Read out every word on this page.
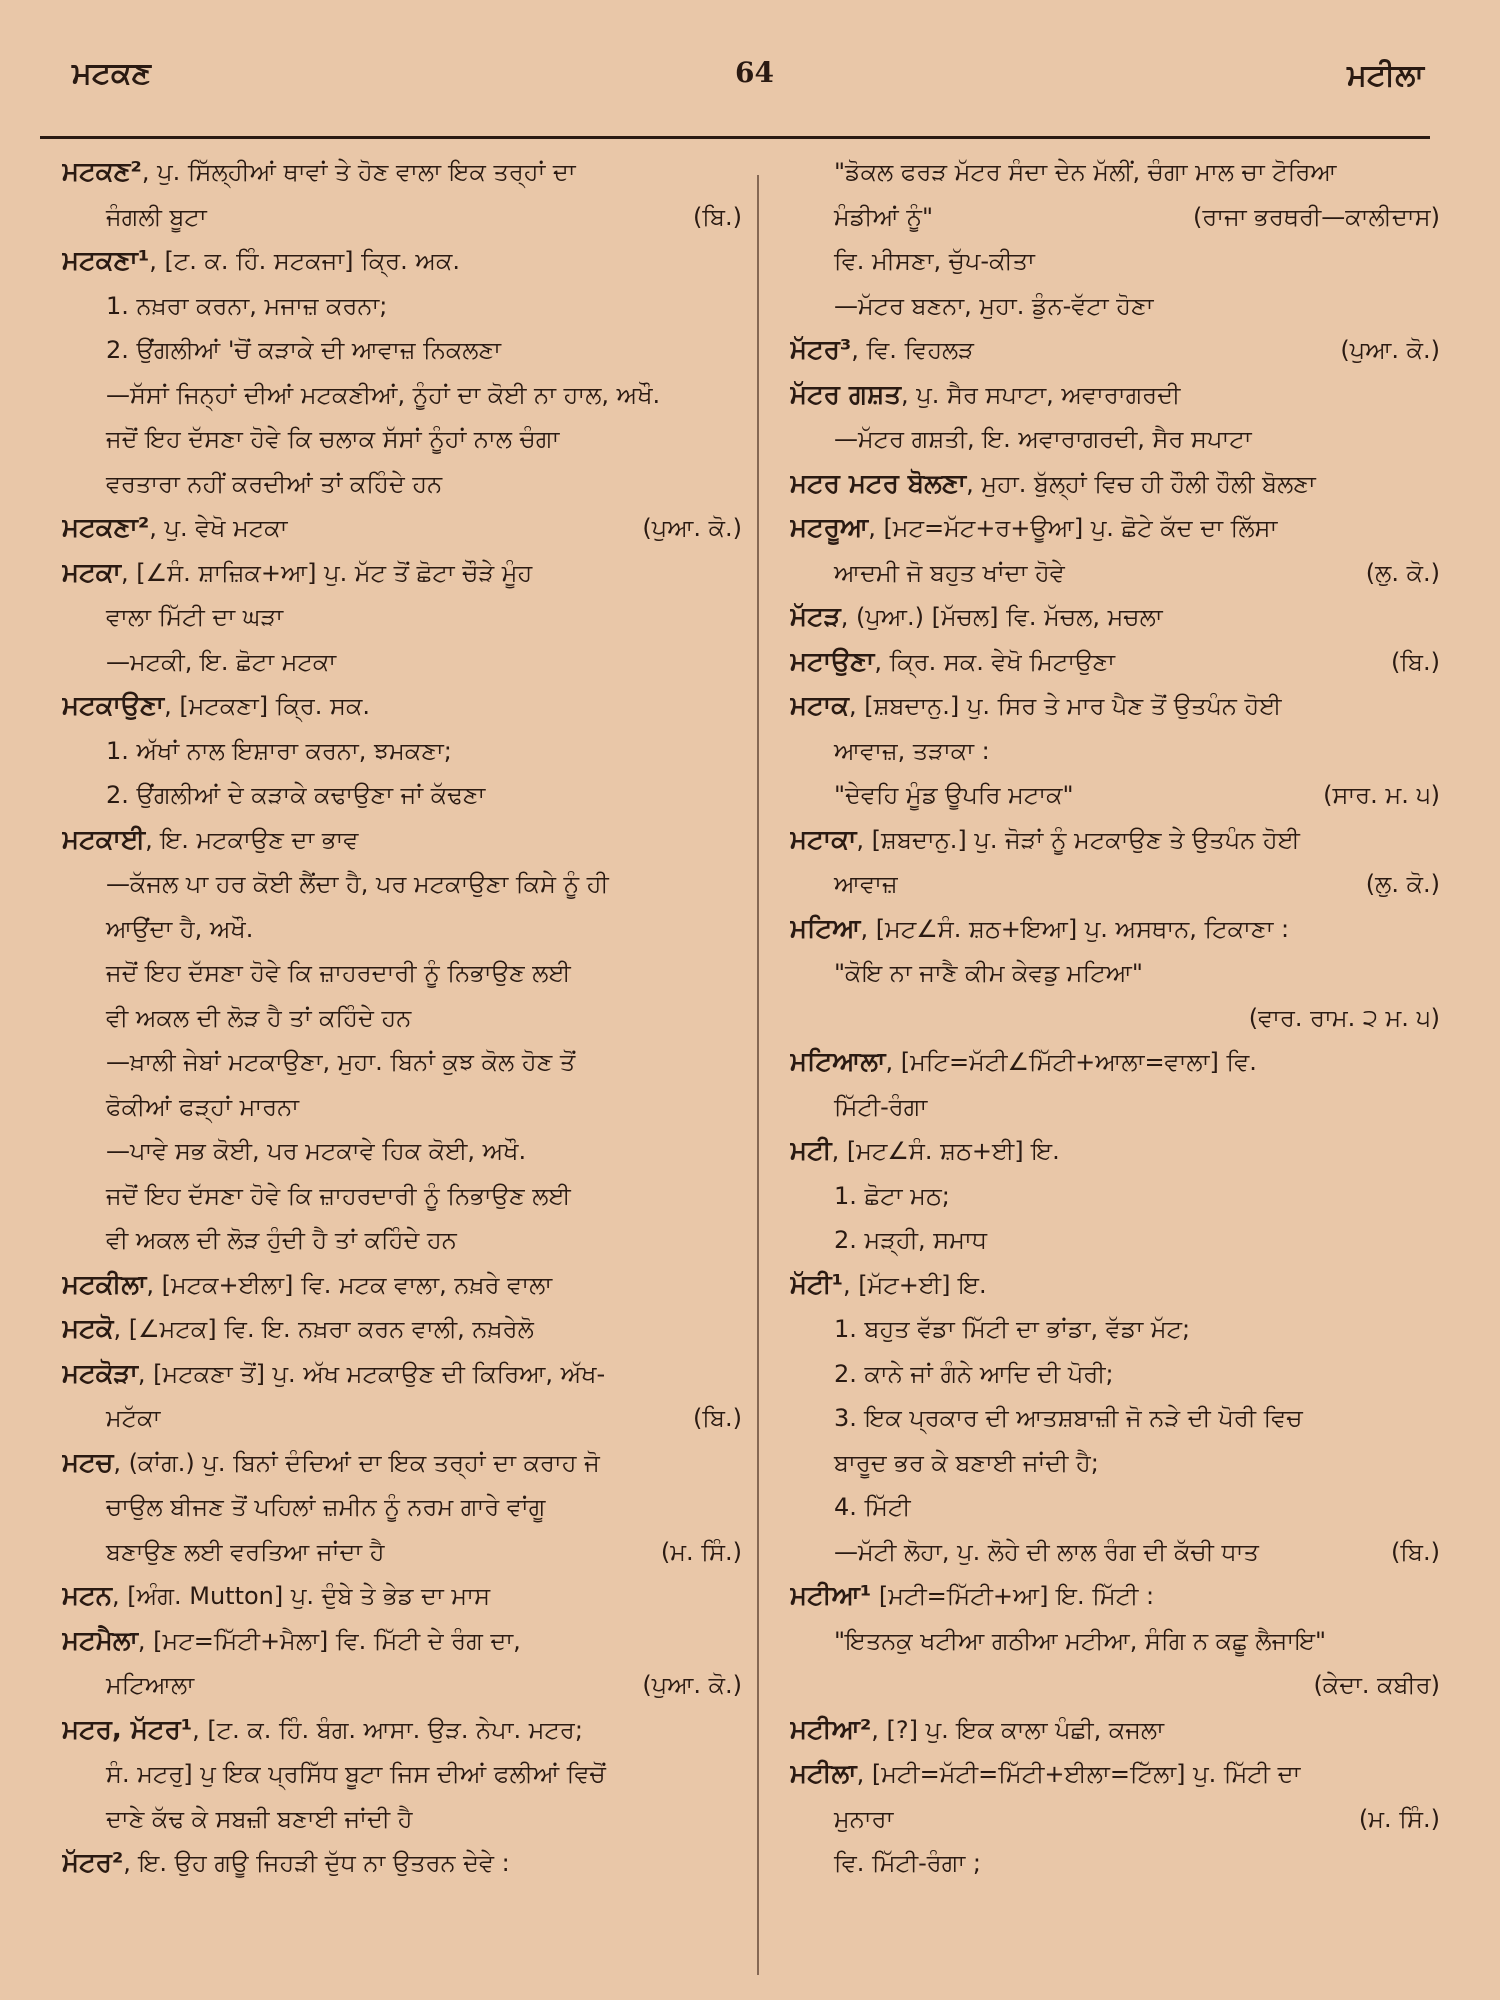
ਮਟਕਣ	64	ਮਟੀਲਾ
ਮਟਕਣ², ਪੁ. ਸਿੱਲ੍ਹੀਆਂ ਥਾਵਾਂ ਤੇ ਹੋਣ ਵਾਲਾ ਇਕ ਤਰ੍ਹਾਂ ਦਾ
ਜੰਗਲੀ ਬੂਟਾ	(ਬਿ.)
ਮਟਕਣਾ¹, [ਟ. ਕ. ਹਿੰ. ਸਟਕਜਾ] ਕ੍ਰਿ. ਅਕ.
1. ਨਖ਼ਰਾ ਕਰਨਾ, ਮਜਾਜ਼ ਕਰਨਾ;
2. ਉਂਗਲੀਆਂ 'ਚੋਂ ਕੜਾਕੇ ਦੀ ਆਵਾਜ਼ ਨਿਕਲਣਾ
—ਸੱਸਾਂ ਜਿਨ੍ਹਾਂ ਦੀਆਂ ਮਟਕਣੀਆਂ, ਨੂੰਹਾਂ ਦਾ ਕੋਈ ਨਾ ਹਾਲ, ਅਖੌ.
ਜਦੋਂ ਇਹ ਦੱਸਣਾ ਹੋਵੇ ਕਿ ਚਲਾਕ ਸੱਸਾਂ ਨੂੰਹਾਂ ਨਾਲ ਚੰਗਾ
ਵਰਤਾਰਾ ਨਹੀਂ ਕਰਦੀਆਂ ਤਾਂ ਕਹਿੰਦੇ ਹਨ
ਮਟਕਣਾ², ਪੁ. ਵੇਖੋ ਮਟਕਾ	(ਪੁਆ. ਕੋ.)
ਮਟਕਾ, [∠ਸੰ. ਸ਼ਾਜ਼ਿਕ+ਆ] ਪੁ. ਮੱਟ ਤੋਂ ਛੋਟਾ ਚੌੜੇ ਮੂੰਹ
ਵਾਲਾ ਮਿੱਟੀ ਦਾ ਘੜਾ
—ਮਟਕੀ, ਇ. ਛੋਟਾ ਮਟਕਾ
ਮਟਕਾਉਣਾ, [ਮਟਕਣਾ] ਕ੍ਰਿ. ਸਕ.
1. ਅੱਖਾਂ ਨਾਲ ਇਸ਼ਾਰਾ ਕਰਨਾ, ਝਮਕਣਾ;
2. ਉਂਗਲੀਆਂ ਦੇ ਕੜਾਕੇ ਕਢਾਉਣਾ ਜਾਂ ਕੱਢਣਾ
ਮਟਕਾਈ, ਇ. ਮਟਕਾਉਣ ਦਾ ਭਾਵ
—ਕੱਜਲ ਪਾ ਹਰ ਕੋਈ ਲੈਂਦਾ ਹੈ, ਪਰ ਮਟਕਾਉਣਾ ਕਿਸੇ ਨੂੰ ਹੀ
ਆਉਂਦਾ ਹੈ, ਅਖੌ.
ਜਦੋਂ ਇਹ ਦੱਸਣਾ ਹੋਵੇ ਕਿ ਜ਼ਾਹਰਦਾਰੀ ਨੂੰ ਨਿਭਾਉਣ ਲਈ
ਵੀ ਅਕਲ ਦੀ ਲੋੜ ਹੈ ਤਾਂ ਕਹਿੰਦੇ ਹਨ
—ਖ਼ਾਲੀ ਜੇਬਾਂ ਮਟਕਾਉਣਾ, ਮੁਹਾ. ਬਿਨਾਂ ਕੁਝ ਕੋਲ ਹੋਣ ਤੋਂ
ਫੋਕੀਆਂ ਫੜ੍ਹਾਂ ਮਾਰਨਾ
—ਪਾਵੇ ਸਭ ਕੋਈ, ਪਰ ਮਟਕਾਵੇ ਹਿਕ ਕੋਈ, ਅਖੌ.
ਜਦੋਂ ਇਹ ਦੱਸਣਾ ਹੋਵੇ ਕਿ ਜ਼ਾਹਰਦਾਰੀ ਨੂੰ ਨਿਭਾਉਣ ਲਈ
ਵੀ ਅਕਲ ਦੀ ਲੋੜ ਹੁੰਦੀ ਹੈ ਤਾਂ ਕਹਿੰਦੇ ਹਨ
ਮਟਕੀਲਾ, [ਮਟਕ+ਈਲਾ] ਵਿ. ਮਟਕ ਵਾਲਾ, ਨਖ਼ਰੇ ਵਾਲਾ
ਮਟਕੋ, [∠ਮਟਕ] ਵਿ. ਇ. ਨਖ਼ਰਾ ਕਰਨ ਵਾਲੀ, ਨਖ਼ਰੇਲੋ
ਮਟਕੋੜਾ, [ਮਟਕਣਾ ਤੋਂ] ਪੁ. ਅੱਖ ਮਟਕਾਉਣ ਦੀ ਕਿਰਿਆ, ਅੱਖ-
ਮਟੱਕਾ	(ਬਿ.)
ਮਟਚ, (ਕਾਂਗ.) ਪੁ. ਬਿਨਾਂ ਦੰਦਿਆਂ ਦਾ ਇਕ ਤਰ੍ਹਾਂ ਦਾ ਕਰਾਹ ਜੋ
ਚਾਉਲ ਬੀਜਣ ਤੋਂ ਪਹਿਲਾਂ ਜ਼ਮੀਨ ਨੂੰ ਨਰਮ ਗਾਰੇ ਵਾਂਗੂ
ਬਣਾਉਣ ਲਈ ਵਰਤਿਆ ਜਾਂਦਾ ਹੈ	(ਮ. ਸਿੰ.)
ਮਟਨ, [ਅੰਗ. Mutton] ਪੁ. ਦੁੰਬੇ ਤੇ ਭੇਡ ਦਾ ਮਾਸ
ਮਟਮੈਲਾ, [ਮਟ=ਮਿੱਟੀ+ਮੈਲਾ] ਵਿ. ਮਿੱਟੀ ਦੇ ਰੰਗ ਦਾ,
ਮਟਿਆਲਾ	(ਪੁਆ. ਕੋ.)
ਮਟਰ, ਮੱਟਰ¹, [ਟ. ਕ. ਹਿੰ. ਬੰਗ. ਆਸਾ. ਉੜ. ਨੇਪਾ. ਮਟਰ;
ਸੰ. ਮਟਰੁ] ਪੁ ਇਕ ਪ੍ਰਸਿੱਧ ਬੂਟਾ ਜਿਸ ਦੀਆਂ ਫਲੀਆਂ ਵਿਚੋਂ
ਦਾਣੇ ਕੱਢ ਕੇ ਸਬਜ਼ੀ ਬਣਾਈ ਜਾਂਦੀ ਹੈ
ਮੱਟਰ², ਇ. ਉਹ ਗਊ ਜਿਹੜੀ ਦੁੱਧ ਨਾ ਉਤਰਨ ਦੇਵੇ :
"ਡੋਕਲ ਫਰੜ ਮੱਟਰ ਸੰਦਾ ਦੇਨ ਮੱਲੀਂ, ਚੰਗਾ ਮਾਲ ਚਾ ਟੋਰਿਆ
ਮੰਡੀਆਂ ਨੂੰ"	(ਰਾਜਾ ਭਰਥਰੀ—ਕਾਲੀਦਾਸ)
ਵਿ. ਮੀਸਣਾ, ਚੁੱਪ-ਕੀਤਾ
—ਮੱਟਰ ਬਣਨਾ, ਮੁਹਾ. ਡੁੰਨ-ਵੱਟਾ ਹੋਣਾ
ਮੱਟਰ³, ਵਿ. ਵਿਹਲੜ	(ਪੁਆ. ਕੋ.)
ਮੱਟਰ ਗਸ਼ਤ, ਪੁ. ਸੈਰ ਸਪਾਟਾ, ਅਵਾਰਾਗਰਦੀ
—ਮੱਟਰ ਗਸ਼ਤੀ, ਇ. ਅਵਾਰਾਗਰਦੀ, ਸੈਰ ਸਪਾਟਾ
ਮਟਰ ਮਟਰ ਬੋਲਣਾ, ਮੁਹਾ. ਬੁੱਲ੍ਹਾਂ ਵਿਚ ਹੀ ਹੌਲੀ ਹੌਲੀ ਬੋਲਣਾ
ਮਟਰੂਆ, [ਮਟ=ਮੱਟ+ਰ+ਊਆ] ਪੁ. ਛੋਟੇ ਕੱਦ ਦਾ ਲਿੱਸਾ
ਆਦਮੀ ਜੋ ਬਹੁਤ ਖਾਂਦਾ ਹੋਵੇ	(ਲੁ. ਕੋ.)
ਮੱਟੜ, (ਪੁਆ.) [ਮੱਚਲ] ਵਿ. ਮੱਚਲ, ਮਚਲਾ
ਮਟਾਉਣਾ, ਕ੍ਰਿ. ਸਕ. ਵੇਖੋ ਮਿਟਾਉਣਾ	(ਬਿ.)
ਮਟਾਕ, [ਸ਼ਬਦਾਨੁ.] ਪੁ. ਸਿਰ ਤੇ ਮਾਰ ਪੈਣ ਤੋਂ ਉਤਪੰਨ ਹੋਈ
ਆਵਾਜ਼, ਤੜਾਕਾ :
"ਦੇਵਹਿ ਮੂੰਡ ਊਪਰਿ ਮਟਾਕ"	(ਸਾਰ. ਮ. ੫)
ਮਟਾਕਾ, [ਸ਼ਬਦਾਨੁ.] ਪੁ. ਜੋੜਾਂ ਨੂੰ ਮਟਕਾਉਣ ਤੇ ਉਤਪੰਨ ਹੋਈ
ਆਵਾਜ਼	(ਲੁ. ਕੋ.)
ਮਟਿਆ, [ਮਟ∠ਸੰ. ਸ਼ਠ+ਇਆ] ਪੁ. ਅਸਥਾਨ, ਟਿਕਾਣਾ :
"ਕੋਇ ਨਾ ਜਾਣੈ ਕੀਮ ਕੇਵਡੁ ਮਟਿਆ"
(ਵਾਰ. ਰਾਮ. ੨ ਮ. ੫)
ਮਟਿਆਲਾ, [ਮਟਿ=ਮੱਟੀ∠ਮਿੱਟੀ+ਆਲਾ=ਵਾਲਾ] ਵਿ.
ਮਿੱਟੀ-ਰੰਗਾ
ਮਟੀ, [ਮਟ∠ਸੰ. ਸ਼ਠ+ਈ] ਇ.
1. ਛੋਟਾ ਮਠ;
2. ਮੜ੍ਹੀ, ਸਮਾਧ
ਮੱਟੀ¹, [ਮੱਟ+ਈ] ਇ.
1. ਬਹੁਤ ਵੱਡਾ ਮਿੱਟੀ ਦਾ ਭਾਂਡਾ, ਵੱਡਾ ਮੱਟ;
2. ਕਾਨੇ ਜਾਂ ਗੰਨੇ ਆਦਿ ਦੀ ਪੋਰੀ;
3. ਇਕ ਪ੍ਰਕਾਰ ਦੀ ਆਤਸ਼ਬਾਜ਼ੀ ਜੋ ਨੜੇ ਦੀ ਪੋਰੀ ਵਿਚ
ਬਾਰੂਦ ਭਰ ਕੇ ਬਣਾਈ ਜਾਂਦੀ ਹੈ;
4. ਮਿੱਟੀ
—ਮੱਟੀ ਲੋਹਾ, ਪੁ. ਲੋਹੇ ਦੀ ਲਾਲ ਰੰਗ ਦੀ ਕੱਚੀ ਧਾਤ	(ਬਿ.)
ਮਟੀਆ¹ [ਮਟੀ=ਮਿੱਟੀ+ਆ] ਇ. ਮਿੱਟੀ :
"ਇਤਨਕੁ ਖਟੀਆ ਗਠੀਆ ਮਟੀਆ, ਸੰਗਿ ਨ ਕਛੂ ਲੈਜਾਇ"
(ਕੇਦਾ. ਕਬੀਰ)
ਮਟੀਆ², [?] ਪੁ. ਇਕ ਕਾਲਾ ਪੰਛੀ, ਕਜਲਾ
ਮਟੀਲਾ, [ਮਟੀ=ਮੱਟੀ=ਮਿੱਟੀ+ਈਲਾ=ਟਿੱਲਾ] ਪੁ. ਮਿੱਟੀ ਦਾ
ਮੁਨਾਰਾ	(ਮ. ਸਿੰ.)
ਵਿ. ਮਿੱਟੀ-ਰੰਗਾ ;
